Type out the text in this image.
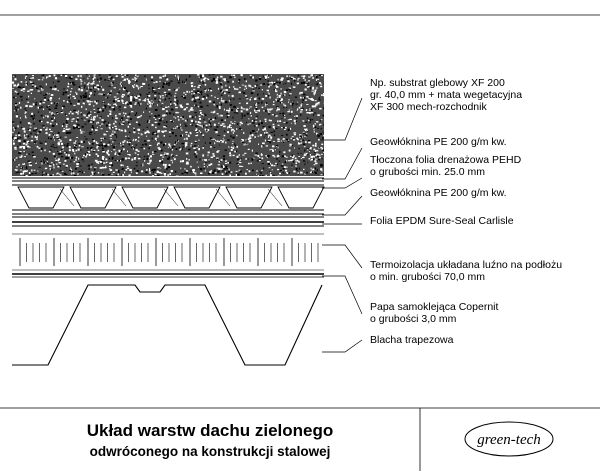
Np. substrat glebowy XF 200
gr. 40,0 mm + mata wegetacyjna
XF 300 mech-rozchodnik
Geowłóknina PE 200 g/m kw.
Tłoczona folia drenażowa PEHD
o grubości min. 25.0 mm
Geowłóknina PE 200 g/m kw.
Folia EPDM Sure-Seal Carlisle
Termoizolacja układana luźno na podłożu
o min. grubości 70,0 mm
Papa samoklejąca Copernit
o grubości 3,0 mm
Blacha trapezowa
Układ warstw dachu zielonego
odwróconego na konstrukcji stalowej
green-tech
